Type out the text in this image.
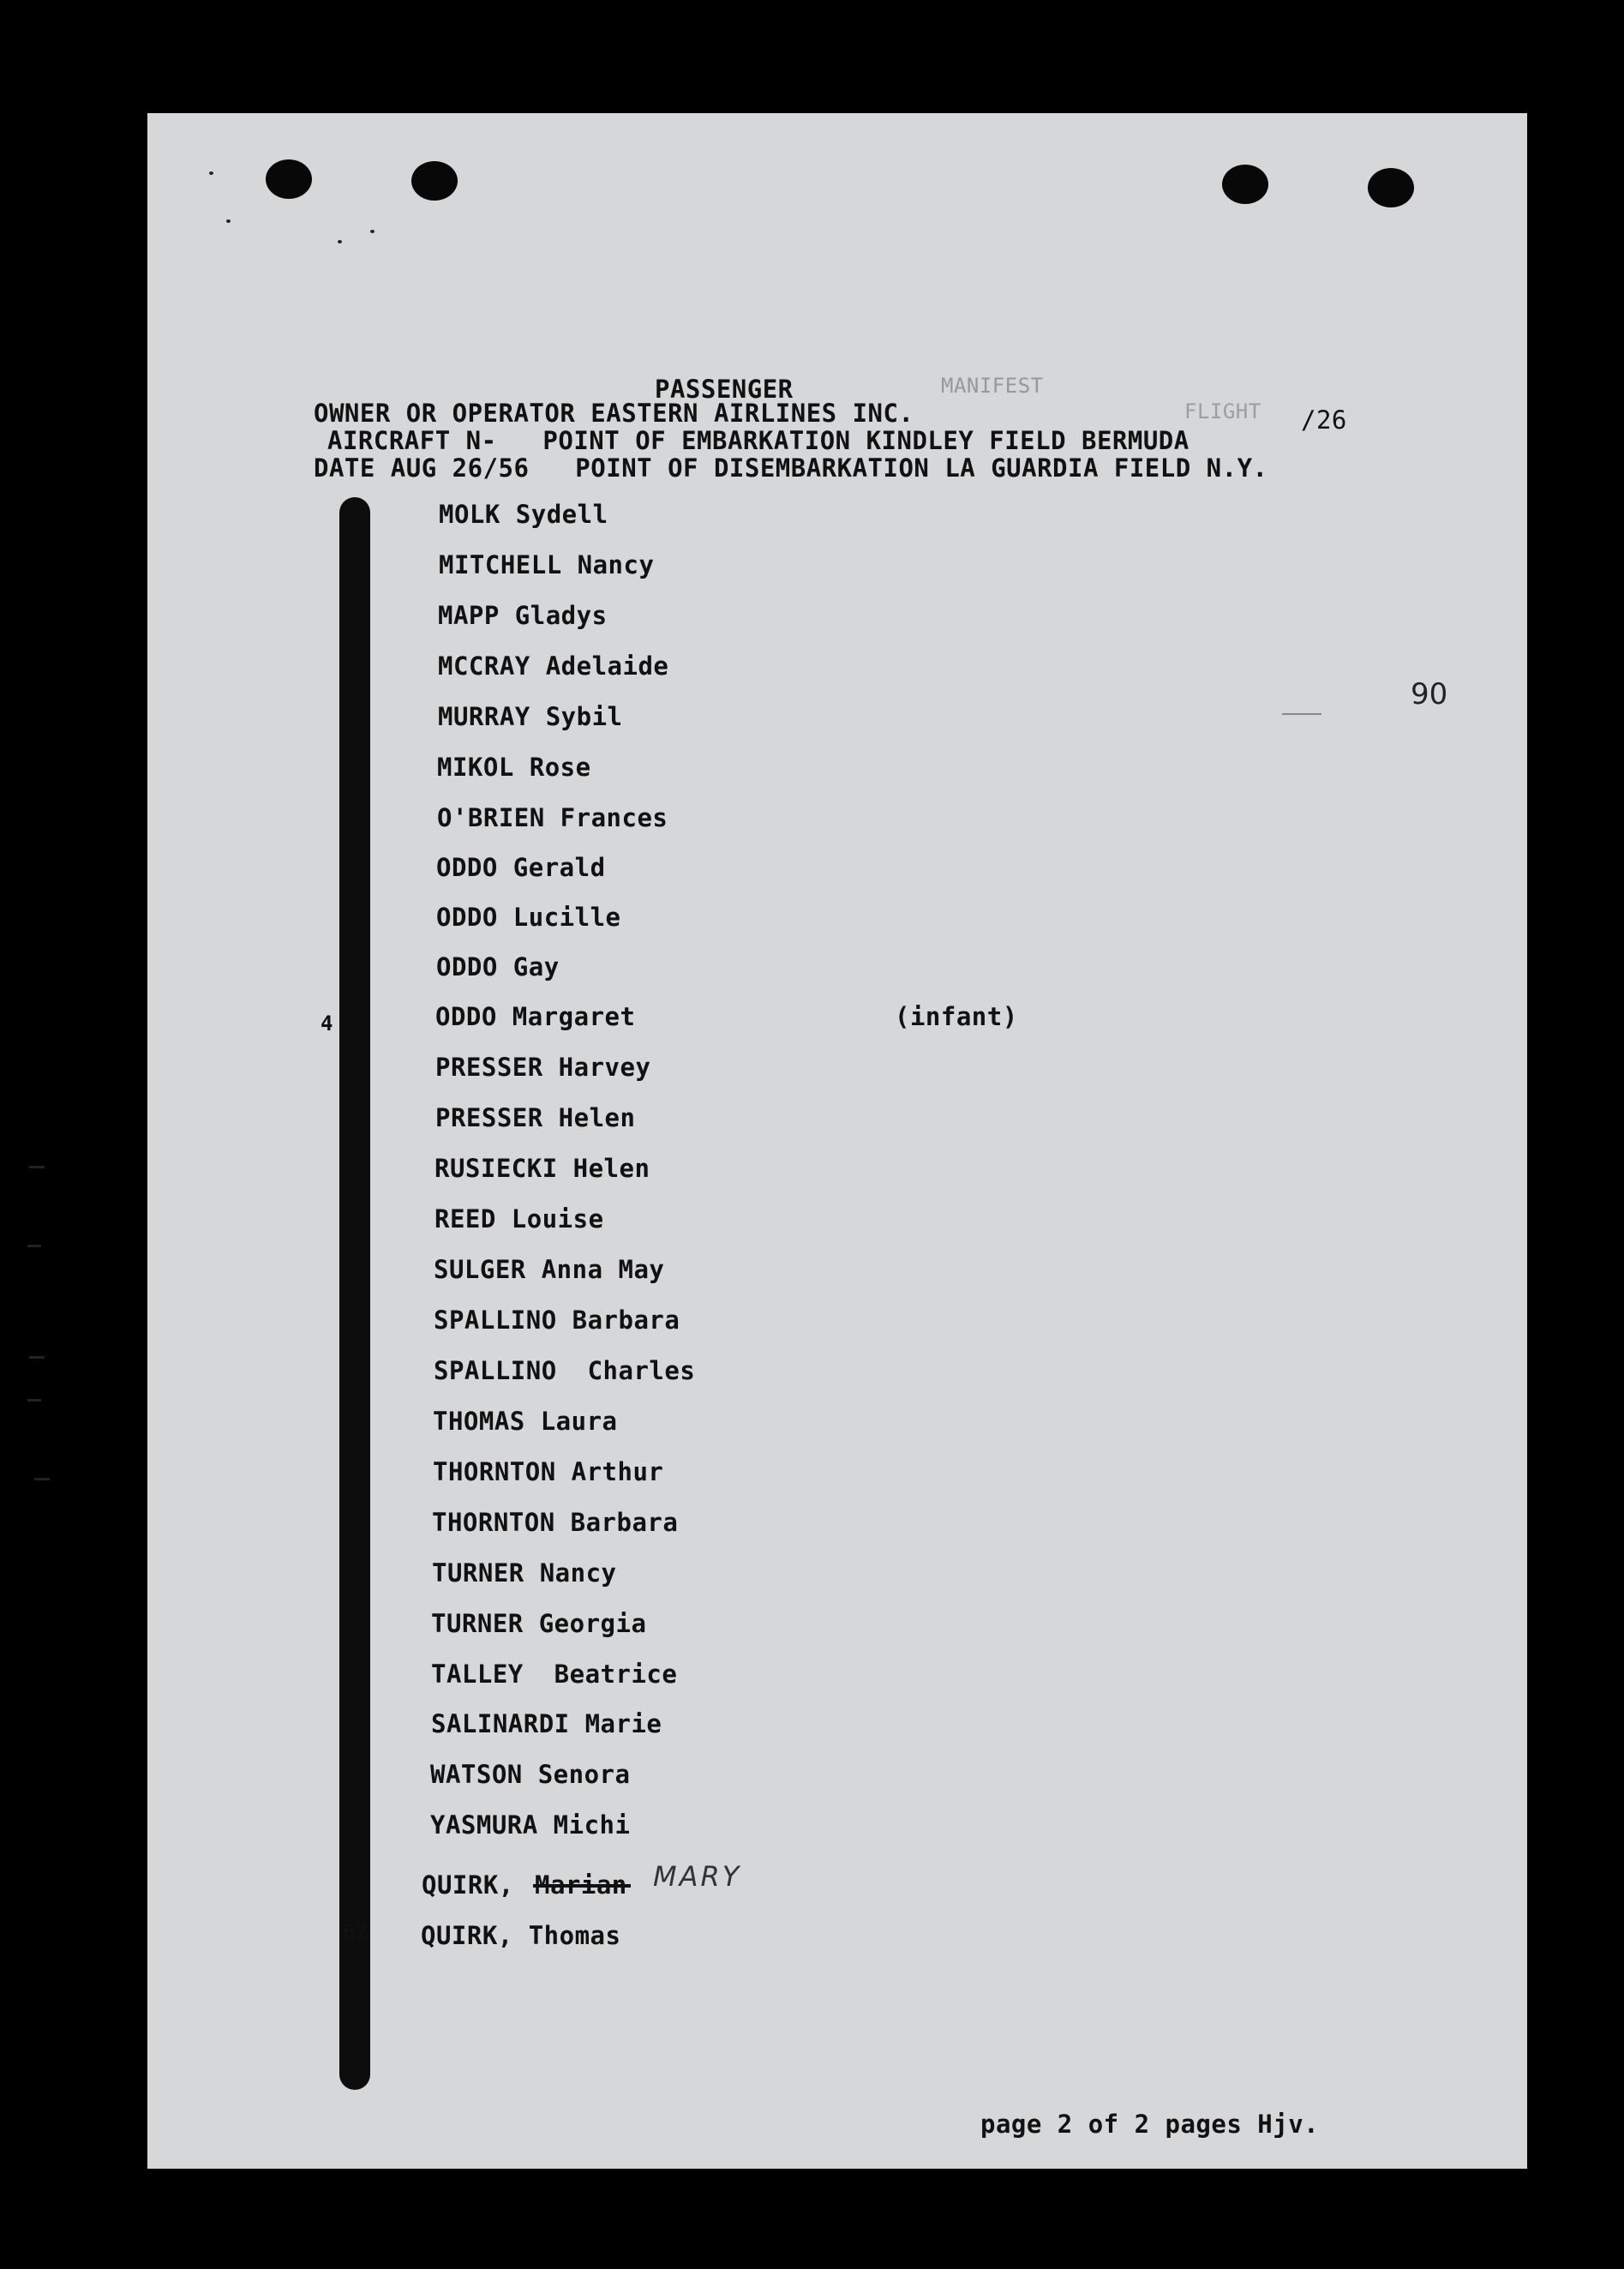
PASSENGER	MANIFEST
OWNER OR OPERATOR EASTERN AIRLINES INC.	FLIGHT /26
AIRCRAFT N-   POINT OF EMBARKATION KINDLEY FIELD BERMUDA
DATE AUG 26/56   POINT OF DISEMBARKATION LA GUARDIA FIELD N.Y.
90
4
62
MOLK Sydell
MITCHELL Nancy
MAPP Gladys
MCCRAY Adelaide
MURRAY Sybil
MIKOL Rose
O'BRIEN Frances
ODDO Gerald
ODDO Lucille
ODDO Gay
ODDO Margaret	(infant)
PRESSER Harvey
PRESSER Helen
RUSIECKI Helen
REED Louise
SULGER Anna May
SPALLINO Barbara
SPALLINO  Charles
THOMAS Laura
THORNTON Arthur
THORNTON Barbara
TURNER Nancy
TURNER Georgia
TALLEY  Beatrice
SALINARDI Marie
WATSON Senora
YASMURA Michi
QUIRK, Marian MARY
QUIRK, Thomas
page 2 of 2 pages Hjv.
